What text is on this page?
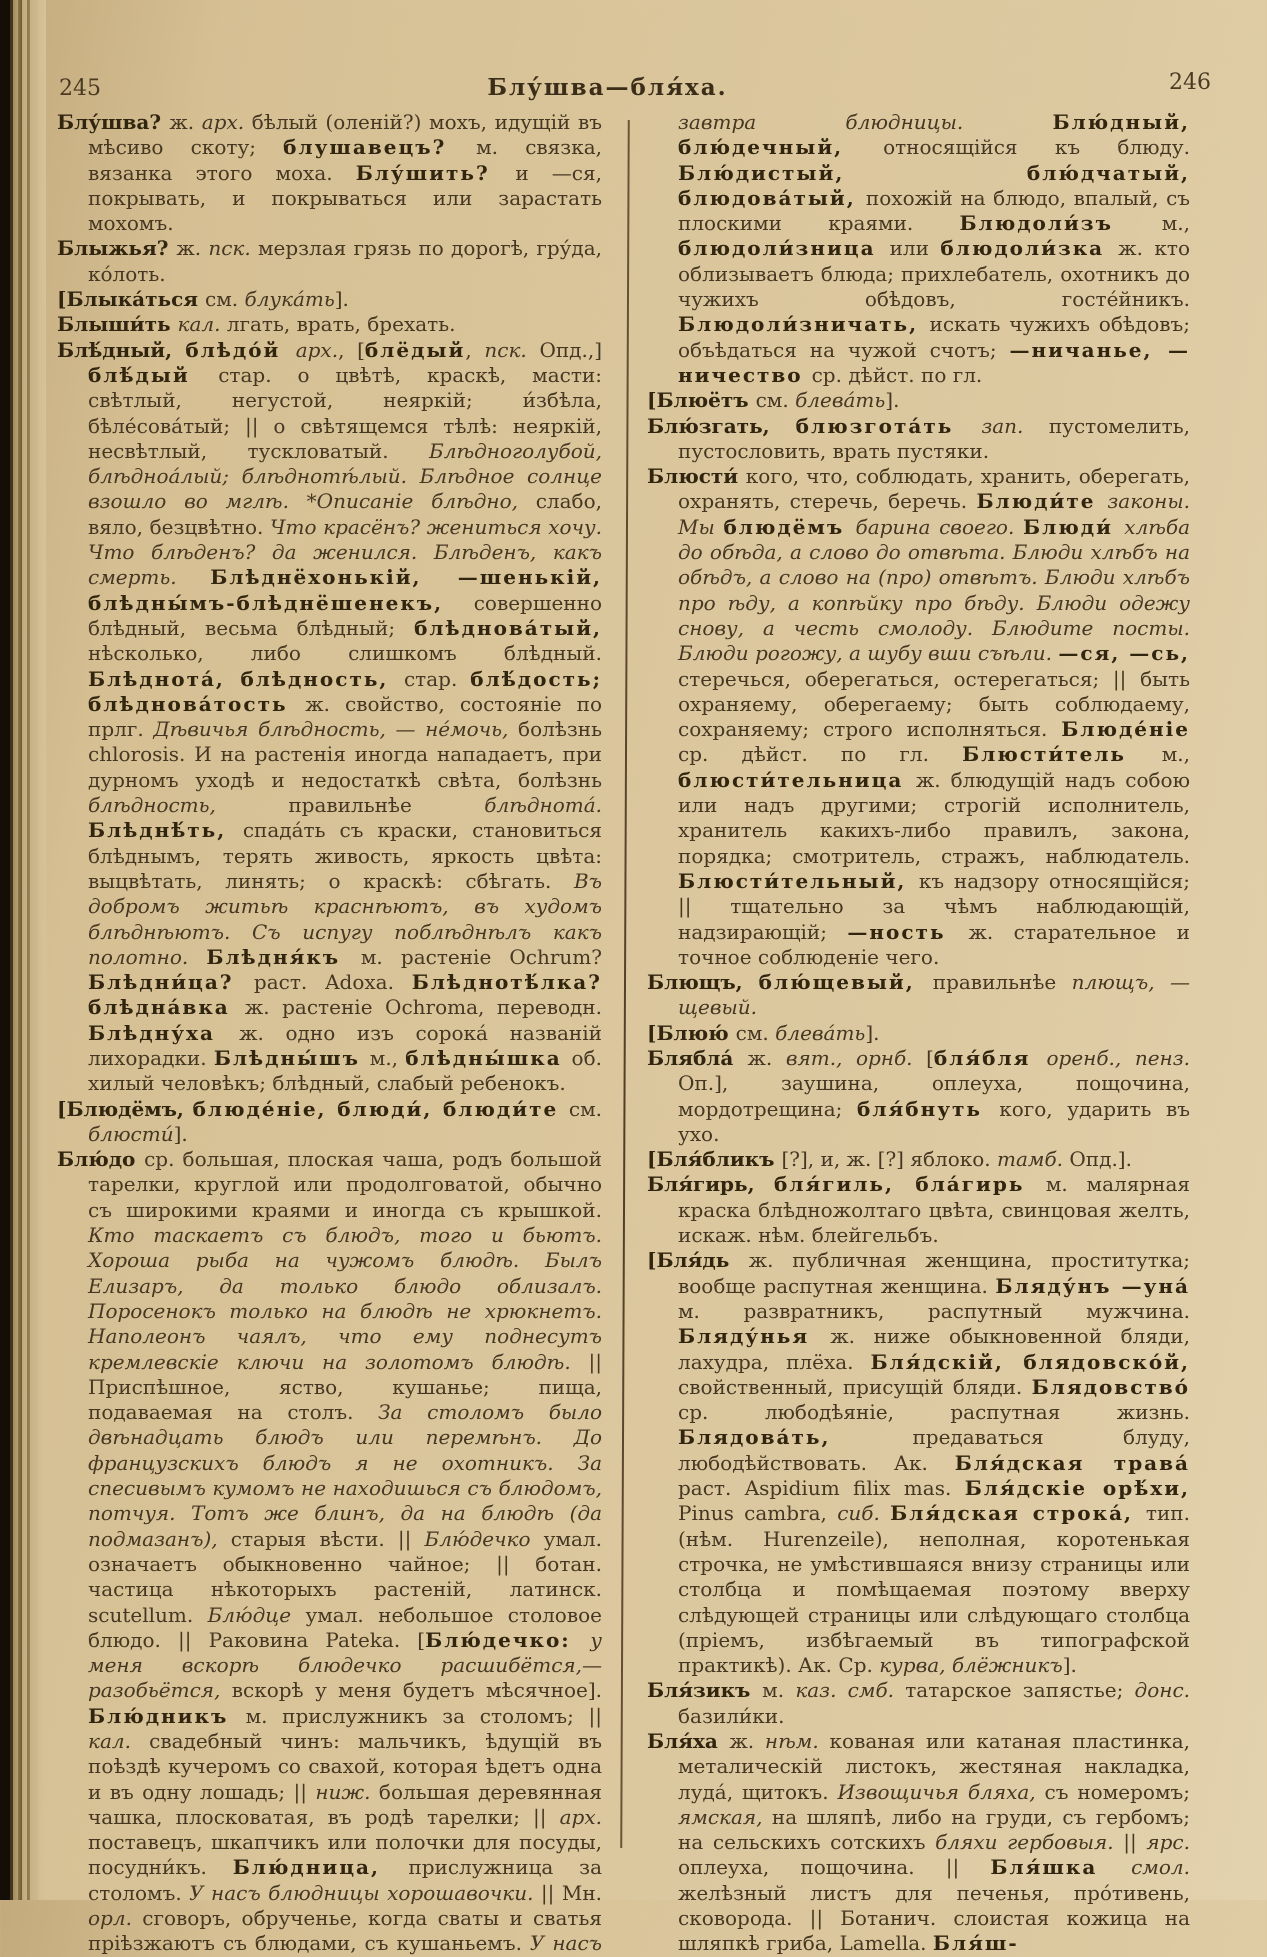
245	Блу́шва—бля́ха.	246

Блу́шва? ж. арх. бѣлый (оленій?) мохъ, идущій въ мѣсиво скоту; блушавецъ? м. связка, вязанка этого моха. Блу́шить? и —ся, покрывать, и покрываться или зарастать мохомъ.

Блыжья? ж. пск. мерзлая грязь по дорогѣ, гру́да, ко́лоть.

[Блыка́ться см. блука́ть].

Блыши́ть кал. лгать, врать, брехать.

Блѣ́дный, блѣдо́й арх., [блёдый, пск. Опд.,] блѣ́дый стар. о цвѣтѣ, краскѣ, масти: свѣтлый, негустой, неяркій; и́збѣла, бѣле́сова́тый; || о свѣтящемся тѣлѣ: неяркій, несвѣтлый, тускловатый. Блѣдноголубой, блѣдноа́лый; блѣднотѣ́лый. Блѣдное солнце взошло во мглѣ. *Описаніе блѣдно, слабо, вяло, безцвѣтно. Что красёнъ? жениться хочу. Что блѣденъ? да женился. Блѣденъ, какъ смерть. Блѣднёхонькій, —шенькій, блѣдны́мъ-блѣднёшенекъ, совершенно блѣдный, весьма блѣдный; блѣднова́тый, нѣсколько, либо слишкомъ блѣдный. Блѣднота́, блѣдность, стар. блѣ́дость; блѣднова́тость ж. свойство, состояніе по прлг. Дѣвичья блѣдность, — не́мочь, болѣзнь chlorosis. И на растенія иногда нападаетъ, при дурномъ уходѣ и недостаткѣ свѣта, болѣзнь блѣдность, правильнѣе блѣднота́. Блѣднѣ́ть, спада́ть съ краски, становиться блѣднымъ, терять живость, яркость цвѣта: выцвѣтать, линять; о краскѣ: сбѣгать. Въ добромъ житьѣ краснѣютъ, въ худомъ блѣднѣютъ. Съ испугу поблѣднѣлъ какъ полотно. Блѣдня́къ м. растеніе Ochrum? Блѣдни́ца? раст. Adoxa. Блѣднотѣ́лка? блѣдна́вка ж. растеніе Ochroma, переводн. Блѣдну́ха ж. одно изъ сорока́ названій лихорадки. Блѣдны́шъ м., блѣдны́шка об. хилый человѣкъ; блѣдный, слабый ребенокъ.

[Блюдёмъ, блюде́ніе, блюди́, блюди́те см. блюсти́].

Блю́до ср. большая, плоская чаша, родъ большой тарелки, круглой или продолговатой, обычно съ широкими краями и иногда съ крышкой. Кто таскаетъ съ блюдъ, того и бьютъ. Хороша рыба на чужомъ блюдѣ. Былъ Елизаръ, да только блюдо облизалъ. Поросенокъ только на блюдѣ не хрюкнетъ. Наполеонъ чаялъ, что ему поднесутъ кремлевскіе ключи на золотомъ блюдѣ. || Приспѣшное, яство, кушанье; пища, подаваемая на столъ. За столомъ было двѣнадцать блюдъ или перемѣнъ. До французскихъ блюдъ я не охотникъ. За спесивымъ кумомъ не находишься съ блюдомъ, потчуя. Тотъ же блинъ, да на блюдѣ (да подмазанъ), старыя вѣсти. || Блю́дечко умал. означаетъ обыкновенно чайное; || ботан. частица нѣкоторыхъ растеній, латинск. scutellum. Блю́дце умал. небольшое столовое блюдо. || Раковина Pateka. [Блю́дечко: у меня вскорѣ блюдечко расшибётся,—разобьётся, вскорѣ у меня будетъ мѣсячное]. Блю́дникъ м. прислужникъ за столомъ; || кал. свадебный чинъ: мальчикъ, ѣдущій въ поѣздѣ кучеромъ со свахой, которая ѣдетъ одна и въ одну лошадь; || ниж. большая деревянная чашка, плосковатая, въ родѣ тарелки; || арх. поставецъ, шкапчикъ или полочки для посуды, посудни́къ. Блю́дница, прислужница за столомъ. У насъ блюдницы хорошавочки. || Мн. орл. сговоръ, обрученье, когда сваты и сватья пріѣзжаютъ съ блюдами, съ кушаньемъ. У насъ

завтра блюдницы. Блю́дный, блю́дечный, относящійся къ блюду. Блю́дистый, блю́дчатый, блюдова́тый, похожій на блюдо, впалый, съ плоскими краями. Блюдоли́зъ м., блюдоли́зница или блюдоли́зка ж. кто облизываетъ блюда; прихлебатель, охотникъ до чужихъ обѣдовъ, госте́йникъ. Блюдоли́зничать, искать чужихъ обѣдовъ; объѣдаться на чужой счотъ; —ничанье, —ничество ср. дѣйст. по гл.

[Блюётъ см. блева́ть].

Блю́згать, блюзгота́ть зап. пустомелить, пустословить, врать пустяки.

Блюсти́ кого, что, соблюдать, хранить, оберегать, охранять, стеречь, беречь. Блюди́те законы. Мы блюдёмъ барина своего. Блюди́ хлѣба до обѣда, а слово до отвѣта. Блюди хлѣбъ на обѣдъ, а слово на (про) отвѣтъ. Блюди хлѣбъ про ѣду, а копѣйку про бѣду. Блюди одежу снову, а честь смолоду. Блюдите посты. Блюди рогожу, а шубу вши съѣли. —ся, —сь, стеречься, оберегаться, остерегаться; || быть охраняему, оберегаему; быть соблюдаему, сохраняему; строго исполняться. Блюде́ніе ср. дѣйст. по гл. Блюсти́тель м., блюсти́тельница ж. блюдущій надъ собою или надъ другими; строгій исполнитель, хранитель какихъ-либо правилъ, закона, порядка; смотритель, стражъ, наблюдатель. Блюсти́тельный, къ надзору относящійся; || тщательно за чѣмъ наблюдающій, надзирающій; —ность ж. старательное и точное соблюденіе чего.

Блющъ, блю́щевый, правильнѣе плющъ, —щевый.

[Блюю́ см. блева́ть].

Блябла́ ж. вят., орнб. [бля́бля оренб., пенз. Оп.], заушина, оплеуха, пощочина, мордотрещина; бля́бнуть кого, ударить въ ухо.

[Бля́бликъ [?], и, ж. [?] яблоко. тамб. Опд.].

Бля́гирь, бля́гиль, бла́гирь м. малярная краска блѣдножолтаго цвѣта, свинцовая желть, искаж. нѣм. блейгельбъ.

[Бля́дь ж. публичная женщина, проститутка; вообще распутная женщина. Бляду́нъ —уна́ м. развратникъ, распутный мужчина. Бляду́нья ж. ниже обыкновенной бляди, лахудра, плёха. Бля́дскій, блядовско́й, свойственный, присущій бляди. Блядовство́ ср. любодѣяніе, распутная жизнь. Блядова́ть, предаваться блуду, любодѣйствовать. Ак. Бля́дская трава́ раст. Aspidium filix mas. Бля́дскіе орѣ́хи, Pinus cambra, сиб. Бля́дская строка́, тип. (нѣм. Hurenzeile), неполная, коротенькая строчка, не умѣстившаяся внизу страницы или столбца и помѣщаемая поэтому вверху слѣдующей страницы или слѣдующаго столбца (пріемъ, избѣгаемый въ типографской практикѣ). Ак. Ср. курва, блёжникъ].

Бля́зикъ м. каз. смб. татарское запястье; донс. базили́ки.

Бля́ха ж. нѣм. кованая или катаная пластинка, металическій листокъ, жестяная накладка, луда́, щитокъ. Извощичья бляха, съ номеромъ; ямская, на шляпѣ, либо на груди, съ гербомъ; на сельскихъ сотскихъ бляхи гербовыя. || ярс. оплеуха, пощочина. || Бля́шка смол. желѣзный листъ для печенья, про́тивень, сковорода. || Ботанич. слоистая кожица на шляпкѣ гриба, Lamella. Бля́ш-
